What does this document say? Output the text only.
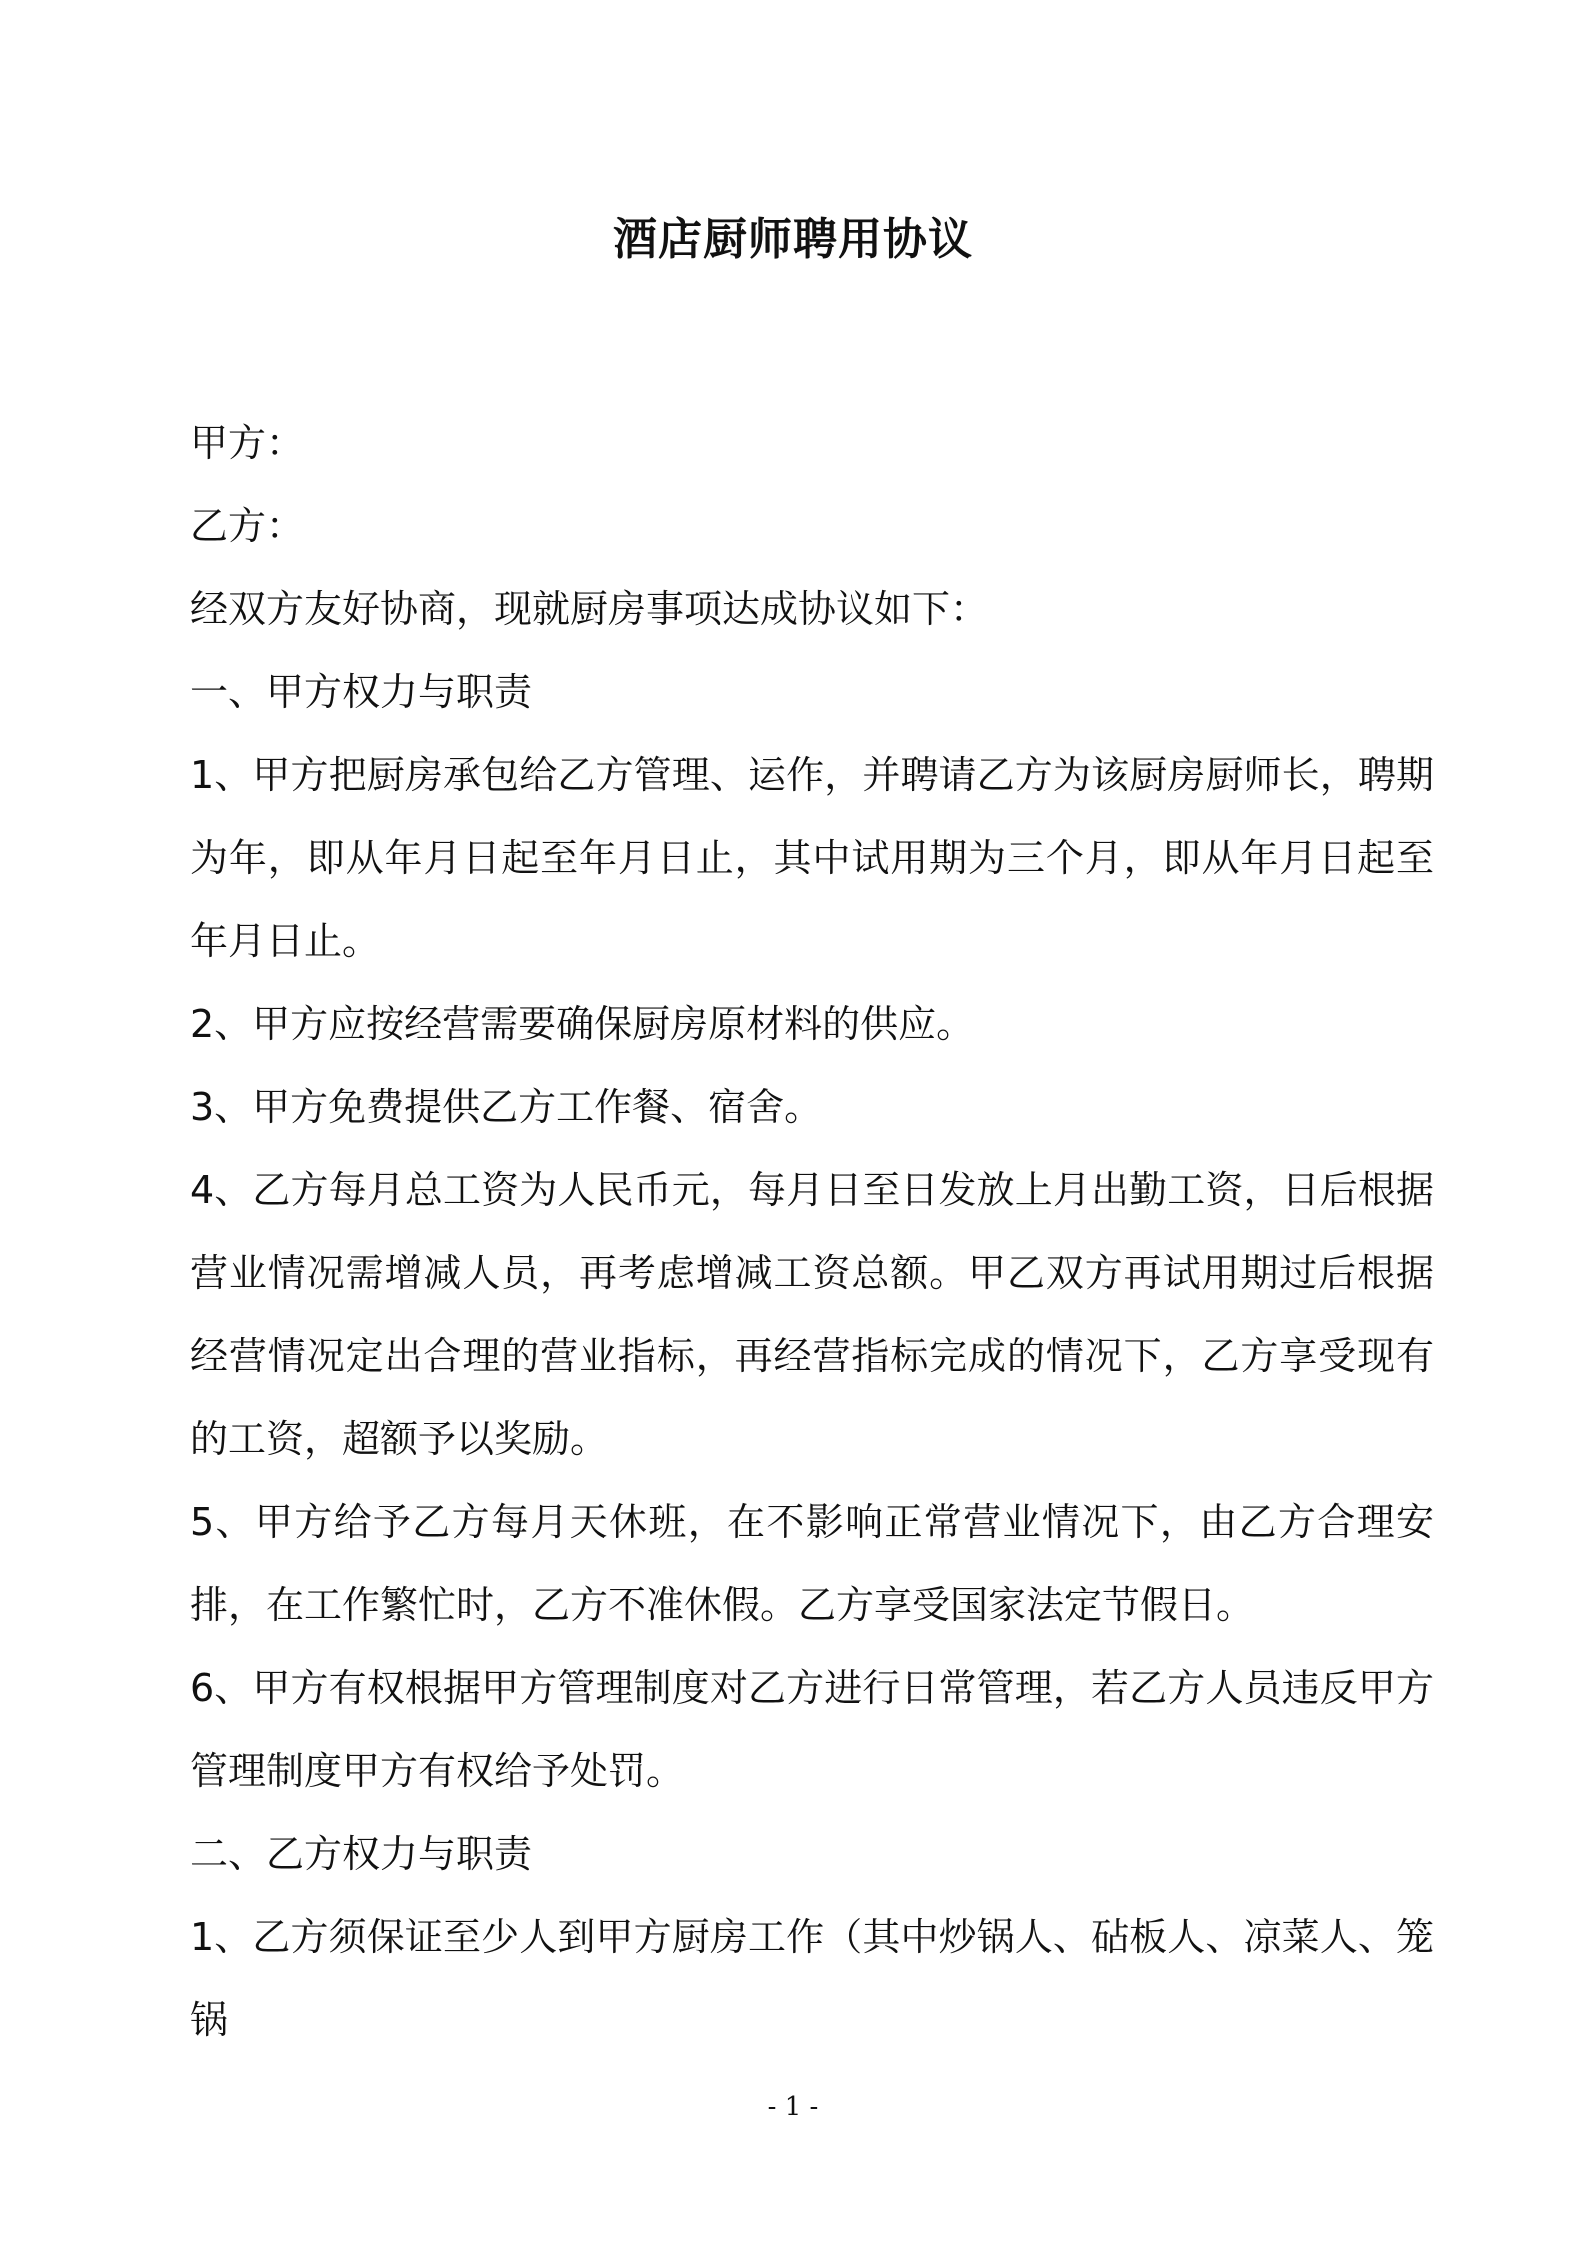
酒店厨师聘用协议

甲方：

乙方：

经双方友好协商，现就厨房事项达成协议如下：

一、甲方权力与职责

1、甲方把厨房承包给乙方管理、运作，并聘请乙方为该厨房厨师长，聘期为年，即从年月日起至年月日止，其中试用期为三个月，即从年月日起至年月日止。

2、甲方应按经营需要确保厨房原材料的供应。

3、甲方免费提供乙方工作餐、宿舍。

4、乙方每月总工资为人民币元，每月日至日发放上月出勤工资，日后根据营业情况需增减人员，再考虑增减工资总额。甲乙双方再试用期过后根据经营情况定出合理的营业指标，再经营指标完成的情况下，乙方享受现有的工资，超额予以奖励。

5、甲方给予乙方每月天休班，在不影响正常营业情况下，由乙方合理安排，在工作繁忙时，乙方不准休假。乙方享受国家法定节假日。

6、甲方有权根据甲方管理制度对乙方进行日常管理，若乙方人员违反甲方管理制度甲方有权给予处罚。

二、乙方权力与职责

1、乙方须保证至少人到甲方厨房工作（其中炒锅人、砧板人、凉菜人、笼锅

- 1 -
